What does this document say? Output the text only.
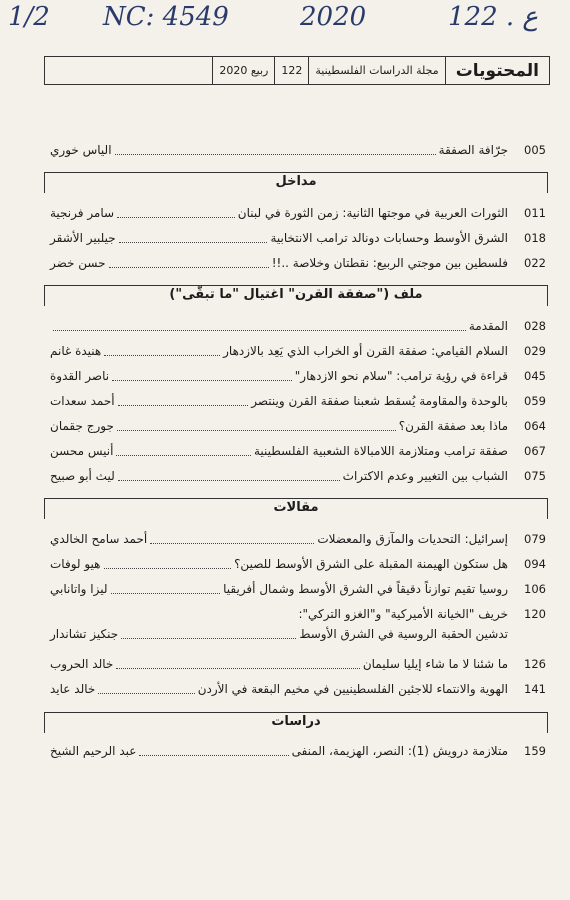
1/2 NC: 4549	2020	122 . ع
المحتويات
مجلة الدراسات الفلسطينية
122
ربيع 2020
005
جرّافة الصفقة
الياس خوري
مداخل
011
الثورات العربية في موجتها الثانية: زمن الثورة في لبنان
سامر فرنجية
018
الشرق الأوسط وحسابات دونالد ترامب الانتخابية
جيلبير الأشقر
022
فلسطين بين موجتي الربيع: نقطتان وخلاصة ..!!
حسن خضر
ملف ("صفقة القرن" اغتيال "ما تبقّى")
028
المقدمة
029
السلام القيامي: صفقة القرن أو الخراب الذي يَعِد بالازدهار
هنيدة غانم
045
قراءة في رؤية ترامب: "سلام نحو الازدهار"
ناصر القدوة
059
بالوحدة والمقاومة يُسقط شعبنا صفقة القرن وينتصر
أحمد سعدات
064
ماذا بعد صفقة القرن؟
جورج جقمان
067
صفقة ترامب ومتلازمة اللامبالاة الشعبية الفلسطينية
أنيس محسن
075
الشباب بين التغيير وعدم الاكتراث
ليث أبو صبيح
مقالات
079
إسرائيل: التحديات والمآزق والمعضلات
أحمد سامح الخالدي
094
هل ستكون الهيمنة المقبلة على الشرق الأوسط للصين؟
هيو لوفات
106
روسيا تقيم توازناً دقيقاً في الشرق الأوسط وشمال أفريقيا
ليزا واتانابي
120
خريف "الخيانة الأميركية" و"الغزو التركي":
تدشين الحقبة الروسية في الشرق الأوسط
جنكيز تشاندار
126
ما شئنا لا ما شاء إيليا سليمان
خالد الحروب
141
الهوية والانتماء للاجئين الفلسطينيين في مخيم البقعة في الأردن
خالد عايد
دراسات
159
متلازمة درويش (1): النصر، الهزيمة، المنفى
عبد الرحيم الشيخ
